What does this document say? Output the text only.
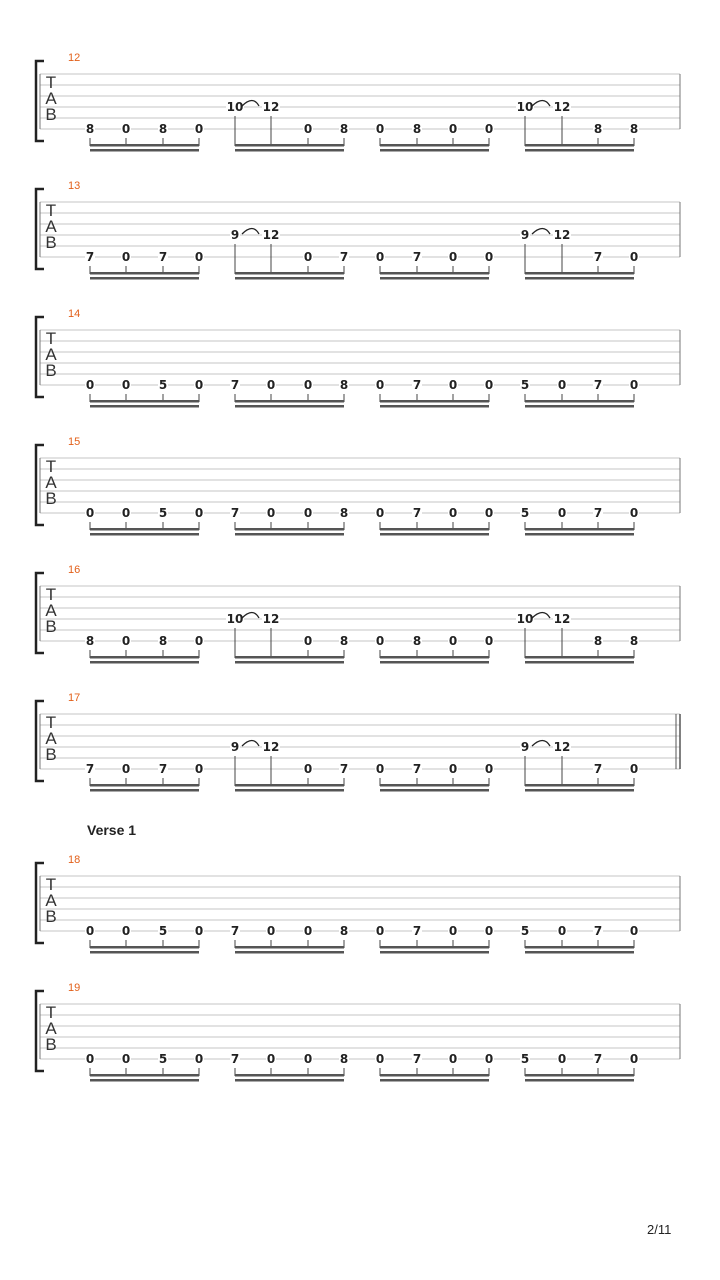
Verse 1
2/11
12
T
A
B
8 0 8 0
10 12
0 8 0 8 0 0
10 12
8 8
13
T
A
B
7 0 7 0
9 12
0 7 0 7 0 0
9 12
7 0
14
T
A
B
0 0 5 0 7 0 0 8 0 7 0 0 5 0 7 0
15
T
A
B
0 0 5 0 7 0 0 8 0 7 0 0 5 0 7 0
16
T
A
B
8 0 8 0
10 12
0 8 0 8 0 0
10 12
8 8
17
T
A
B
7 0 7 0
9 12
0 7 0 7 0 0
9 12
7 0
18
T
A
B
0 0 5 0 7 0 0 8 0 7 0 0 5 0 7 0
19
T
A
B
0 0 5 0 7 0 0 8 0 7 0 0 5 0 7 0
